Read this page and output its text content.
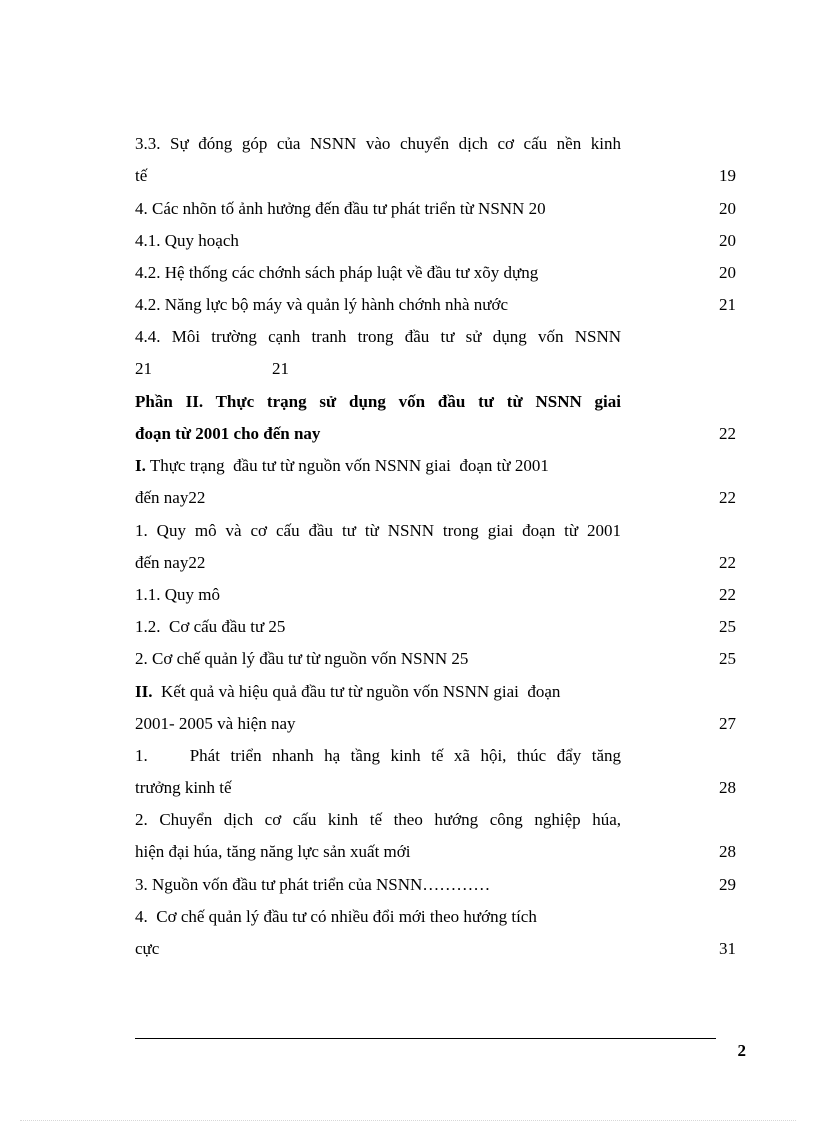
3.3. Sự đóng góp của NSNN vào chuyển dịch cơ cấu nền kinh
tế	19
4. Các nhõn tố ảnh hưởng đến đầu tư phát triển từ NSNN 20	20
4.1. Quy hoạch	20
4.2. Hệ thống các chớnh sách pháp luật về đầu tư xõy dựng	20
4.2. Năng lực bộ máy và quản lý hành chớnh nhà nước	21
4.4. Môi trường cạnh tranh trong đầu tư sử dụng vốn NSNN
21	21
Phần II. Thực trạng sử dụng vốn đầu tư từ NSNN giai
đoạn từ 2001 cho đến nay	22
I. Thực trạng  đầu tư từ nguồn vốn NSNN giai  đoạn từ 2001
đến nay22	22
1. Quy mô và cơ cấu đầu tư từ NSNN trong giai đoạn từ 2001
đến nay22	22
1.1. Quy mô	22
1.2.  Cơ cấu đầu tư 25	25
2. Cơ chế quản lý đầu tư từ nguồn vốn NSNN 25	25
II.  Kết quả và hiệu quả đầu tư từ nguồn vốn NSNN giai  đoạn
2001- 2005 và hiện nay	27
1.    Phát triển nhanh hạ tầng kinh tế xã hội, thúc đẩy tăng
trưởng kinh tế	28
2. Chuyển dịch cơ cấu kinh tế theo hướng công nghiệp húa,
hiện đại húa, tăng năng lực sản xuất mới	28
3. Nguồn vốn đầu tư phát triển của NSNN…………	29
4.  Cơ chế quản lý đầu tư có nhiều đổi mới theo hướng tích
cực	31
2
